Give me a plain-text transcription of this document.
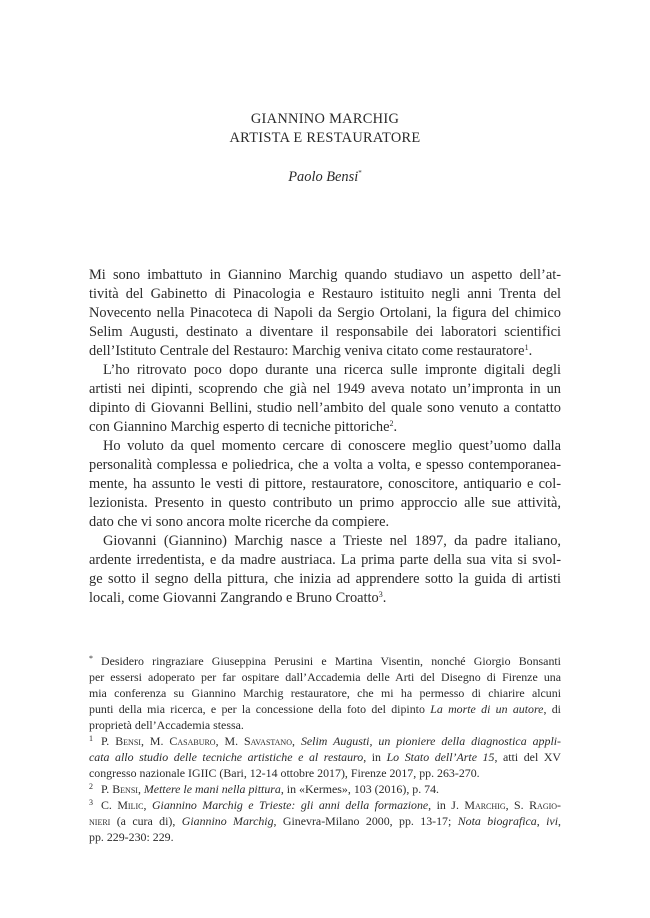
GIANNINO MARCHIG
ARTISTA E RESTAURATORE
Paolo Bensi*
Mi sono imbattuto in Giannino Marchig quando studiavo un aspetto dell’at-
tività del Gabinetto di Pinacologia e Restauro istituito negli anni Trenta del
Novecento nella Pinacoteca di Napoli da Sergio Ortolani, la figura del chimico
Selim Augusti, destinato a diventare il responsabile dei laboratori scientifici
dell’Istituto Centrale del Restauro: Marchig veniva citato come restauratore$^1$.
L’ho ritrovato poco dopo durante una ricerca sulle impronte digitali degli
artisti nei dipinti, scoprendo che già nel 1949 aveva notato un’impronta in un
dipinto di Giovanni Bellini, studio nell’ambito del quale sono venuto a contatto
con Giannino Marchig esperto di tecniche pittoriche$^2$.
Ho voluto da quel momento cercare di conoscere meglio quest’uomo dalla
personalità complessa e poliedrica, che a volta a volta, e spesso contemporanea-
mente, ha assunto le vesti di pittore, restauratore, conoscitore, antiquario e col-
lezionista. Presento in questo contributo un primo approccio alle sue attività,
dato che vi sono ancora molte ricerche da compiere.
Giovanni (Giannino) Marchig nasce a Trieste nel 1897, da padre italiano,
ardente irredentista, e da madre austriaca. La prima parte della sua vita si svol-
ge sotto il segno della pittura, che inizia ad apprendere sotto la guida di artisti
locali, come Giovanni Zangrando e Bruno Croatto$^3$.
* Desidero ringraziare Giuseppina Perusini e Martina Visentin, nonché Giorgio Bonsanti
per essersi adoperato per far ospitare dall’Accademia delle Arti del Disegno di Firenze una
mia conferenza su Giannino Marchig restauratore, che mi ha permesso di chiarire alcuni
punti della mia ricerca, e per la concessione della foto del dipinto La morte di un autore, di
proprietà dell’Accademia stessa.
1 P. Bensi, M. Casaburo, M. Savastano, Selim Augusti, un pioniere della diagnostica appli-
cata allo studio delle tecniche artistiche e al restauro, in Lo Stato dell’Arte 15, atti del XV
congresso nazionale IGIIC (Bari, 12-14 ottobre 2017), Firenze 2017, pp. 263-270.
2 P. Bensi, Mettere le mani nella pittura, in «Kermes», 103 (2016), p. 74.
3 C. Milic, Giannino Marchig e Trieste: gli anni della formazione, in J. Marchig, S. Ragio-
nieri (a cura di), Giannino Marchig, Ginevra-Milano 2000, pp. 13-17; Nota biografica, ivi,
pp. 229-230: 229.
